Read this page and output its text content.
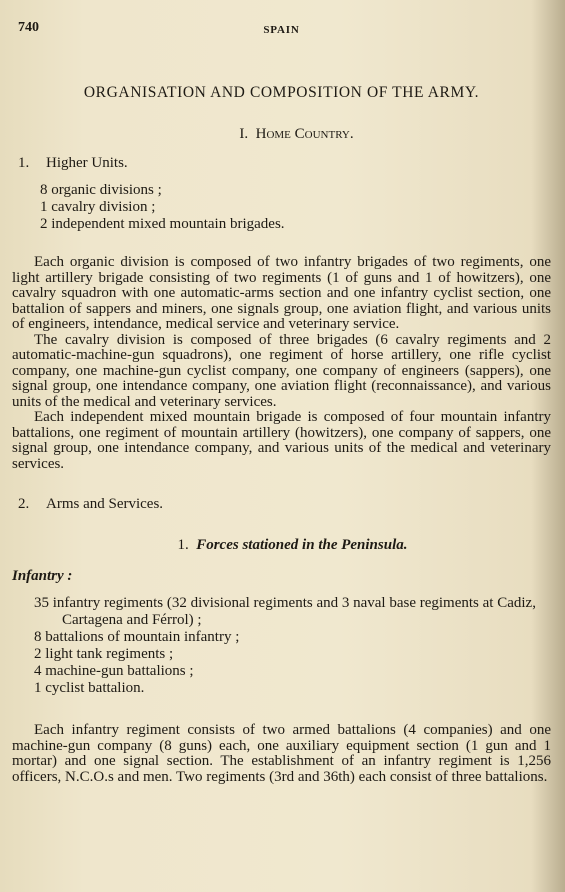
740	SPAIN
ORGANISATION AND COMPOSITION OF THE ARMY.
I. Home Country.
1. Higher Units.
8 organic divisions ;
1 cavalry division ;
2 independent mixed mountain brigades.

Each organic division is composed of two infantry brigades of two regiments, one light artillery brigade consisting of two regiments (1 of guns and 1 of howitzers), one cavalry squadron with one automatic-arms section and one infantry cyclist section, one battalion of sappers and miners, one signals group, one aviation flight, and various units of engineers, intendance, medical service and veterinary service.

The cavalry division is composed of three brigades (6 cavalry regiments and 2 automatic-machine-gun squadrons), one regiment of horse artillery, one rifle cyclist company, one machine-gun cyclist company, one company of engineers (sappers), one signal group, one intendance company, one aviation flight (reconnaissance), and various units of the medical and veterinary services.

Each independent mixed mountain brigade is composed of four mountain infantry battalions, one regiment of mountain artillery (howitzers), one company of sappers, one signal group, one intendance company, and various units of the medical and veterinary services.

2. Arms and Services.
1. Forces stationed in the Peninsula.
Infantry :
35 infantry regiments (32 divisional regiments and 3 naval base regiments at Cadiz, Cartagena and Férrol) ;
8 battalions of mountain infantry ;
2 light tank regiments ;
4 machine-gun battalions ;
1 cyclist battalion.

Each infantry regiment consists of two armed battalions (4 companies) and one machine-gun company (8 guns) each, one auxiliary equipment section (1 gun and 1 mortar) and one signal section. The establishment of an infantry regiment is 1,256 officers, N.C.O.s and men. Two regiments (3rd and 36th) each consist of three battalions.
